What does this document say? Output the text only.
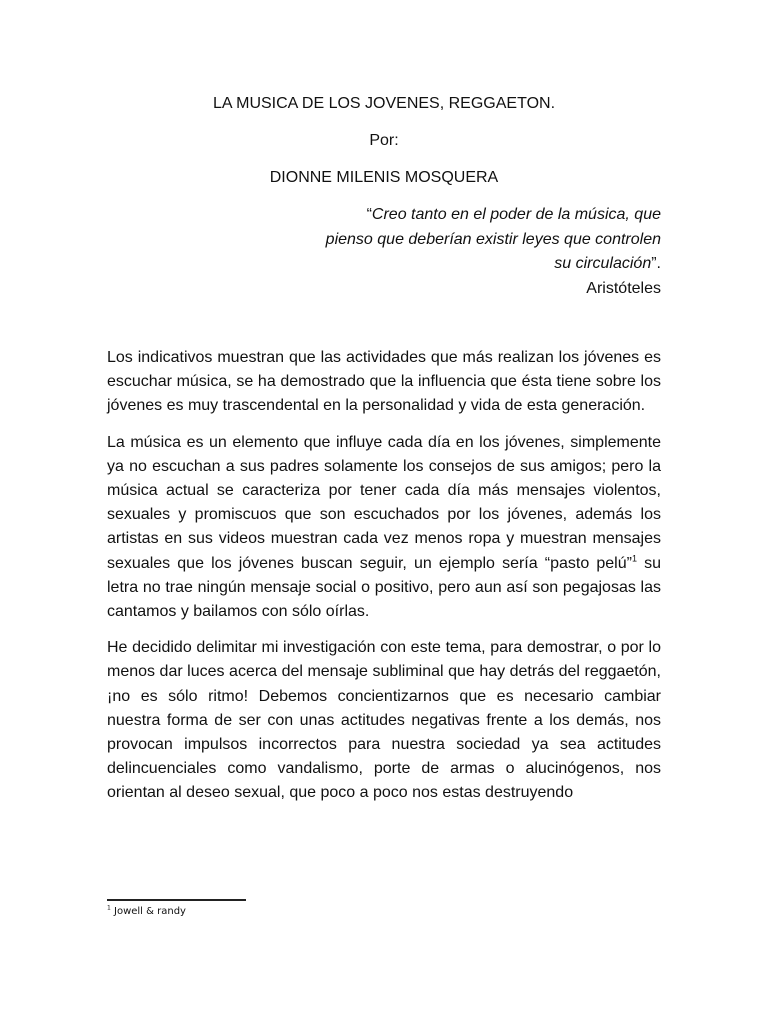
LA MUSICA DE LOS JOVENES, REGGAETON.
Por:
DIONNE MILENIS MOSQUERA
“Creo tanto en el poder de la música, que pienso que deberían existir leyes que controlen su circulación”.
Aristóteles

Los indicativos muestran que las actividades que más realizan los jóvenes es escuchar música, se ha demostrado que la influencia que ésta tiene sobre los jóvenes es muy trascendental en la personalidad y vida de esta generación.

La música es un elemento que influye cada día en los jóvenes, simplemente ya no escuchan a sus padres solamente los consejos de sus amigos; pero la música actual se caracteriza por tener cada día más mensajes violentos, sexuales y promiscuos que son escuchados por los jóvenes, además los artistas en sus videos muestran cada vez menos ropa y muestran mensajes sexuales que los jóvenes buscan seguir, un ejemplo sería “pasto pelú”$^1$ su letra no trae ningún mensaje social o positivo, pero aun así son pegajosas las cantamos y bailamos con sólo oírlas.

He decidido delimitar mi investigación con este tema, para demostrar, o por lo menos dar luces acerca del mensaje subliminal que hay detrás del reggaetón, ¡no es sólo ritmo! Debemos concientizarnos que es necesario cambiar nuestra forma de ser con unas actitudes negativas frente a los demás, nos provocan impulsos incorrectos para nuestra sociedad ya sea actitudes delincuenciales como vandalismo, porte de armas o alucinógenos, nos orientan al deseo sexual, que poco a poco nos estas destruyendo

$^1$ Jowell & randy
